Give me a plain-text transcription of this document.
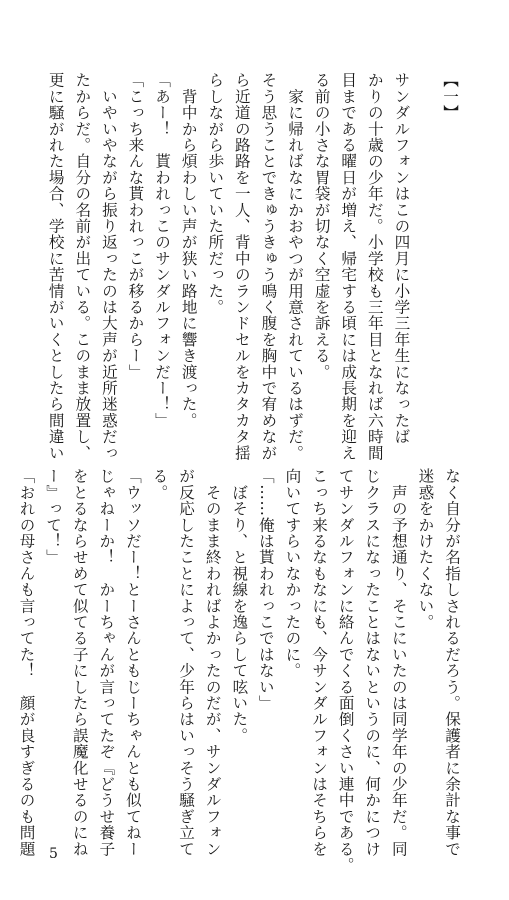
【一】
サンダルフォンはこの四月に小学三年生になったば
かりの十歳の少年だ。小学校も三年目となれば六時間
目まである曜日が増え、帰宅する頃には成長期を迎え
る前の小さな胃袋が切なく空虚を訴える。
　家に帰ればなにかおやつが用意されているはずだ。
そう思うことできゅうきゅう鳴く腹を胸中で宥めなが
ら近道の路路を一人、背中のランドセルをカタカタ揺
らしながら歩いていた所だった。
　背中から煩わしい声が狭い路地に響き渡った。
「あー！　貰われっこのサンダルフォンだー！」
「こっち来んな貰われっこが移るからー」
　いやいやながら振り返ったのは大声が近所迷惑だっ
たからだ。自分の名前が出ている。このまま放置し、
更に騒がれた場合、学校に苦情がいくとしたら間違い
なく自分が名指しされるだろう。保護者に余計な事で
迷惑をかけたくない。
　声の予想通り、そこにいたのは同学年の少年だ。同
じクラスになったことはないというのに、何かにつけ
てサンダルフォンに絡んでくる面倒くさい連中である。
こっち来るなもなにも、今サンダルフォンはそちらを
向いてすらいなかったのに。
「……俺は貰われっこではない」
　ぼそり、と視線を逸らして呟いた。
　そのまま終わればよかったのだが、サンダルフォン
が反応したことによって、少年らはいっそう騒ぎ立て
る。
「ウッソだー！とーさんともじーちゃんとも似てねー
じゃねーか！　かーちゃんが言ってたぞ『どうせ養子
をとるならせめて似てる子にしたら誤魔化せるのにね
ー』って！」
「おれの母さんも言ってた！　顔が良すぎるのも問題 5
